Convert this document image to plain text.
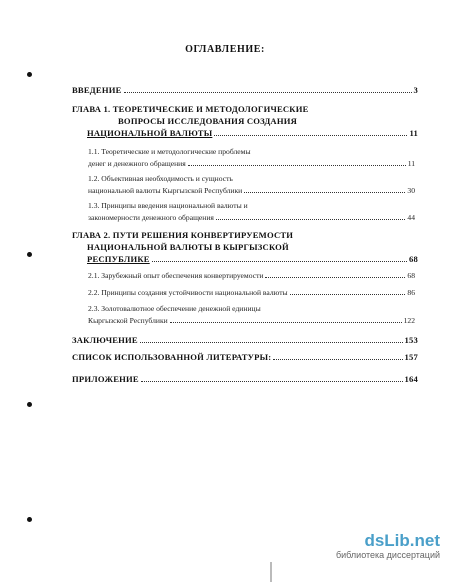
ОГЛАВЛЕНИЕ:
ВВЕДЕНИЕ	3
ГЛАВА 1. ТЕОРЕТИЧЕСКИЕ И МЕТОДОЛОГИЧЕСКИЕ
ВОПРОСЫ ИССЛЕДОВАНИЯ СОЗДАНИЯ
НАЦИОНАЛЬНОЙ ВАЛЮТЫ	11
1.1. Теоретические и методологические проблемы
денег и денежного обращения	11
1.2. Объективная необходимость и сущность
национальной валюты Кыргызской Республики	30
1.3. Принципы введения национальной валюты и
закономерности денежного обращения	44
ГЛАВА 2. ПУТИ РЕШЕНИЯ КОНВЕРТИРУЕМОСТИ
НАЦИОНАЛЬНОЙ ВАЛЮТЫ В КЫРГЫЗСКОЙ
РЕСПУБЛИКЕ	68
2.1. Зарубежный опыт обеспечения конвертируемости	68
2.2. Принципы создания устойчивости национальной валюты	86
2.3. Золотовалютное обеспечение денежной единицы
Кыргызской Республики	122
ЗАКЛЮЧЕНИЕ	153
СПИСОК ИСПОЛЬЗОВАННОЙ ЛИТЕРАТУРЫ:	157
ПРИЛОЖЕНИЕ	164
dsLib.net
библиотека диссертаций
